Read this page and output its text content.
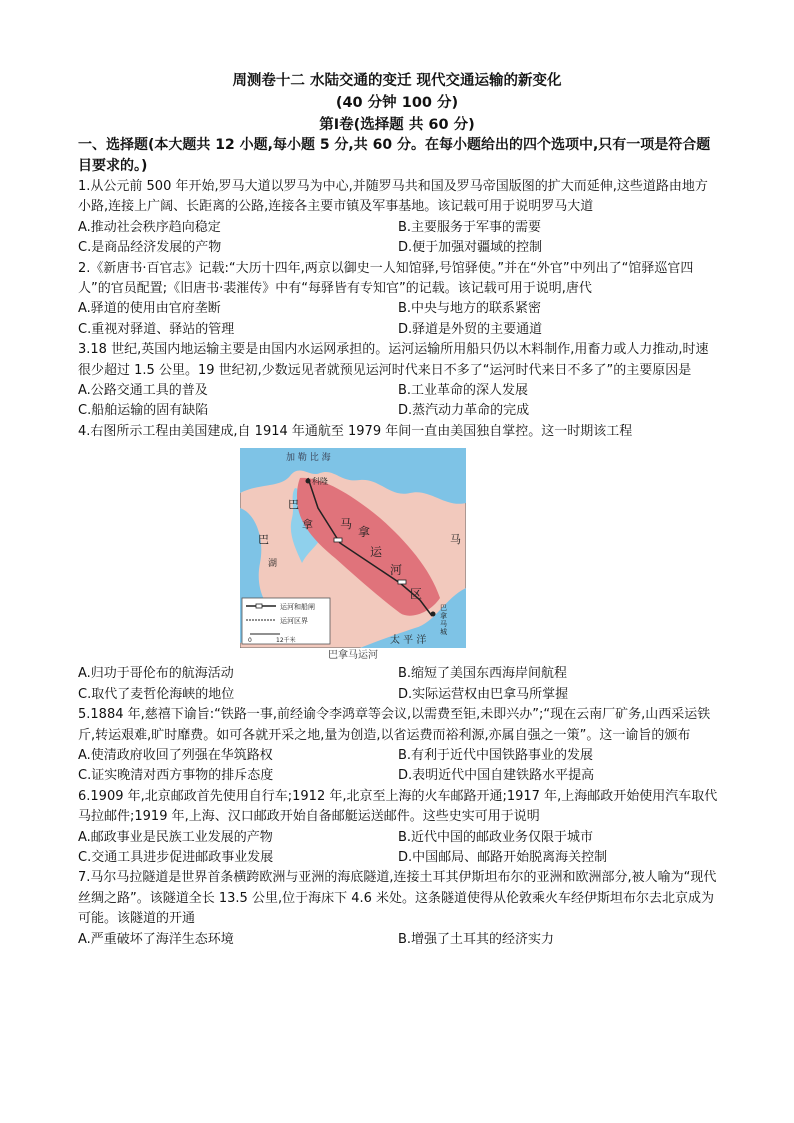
周测卷十二 水陆交通的变迁 现代交通运输的新变化
(40 分钟 100 分)
第Ⅰ卷(选择题 共 60 分)
一、选择题(本大题共 12 小题,每小题 5 分,共 60 分。在每小题给出的四个选项中,只有一项是符合题目要求的。)

1.从公元前 500 年开始,罗马大道以罗马为中心,并随罗马共和国及罗马帝国版图的扩大而延伸,这些道路由地方小路,连接上广阔、长距离的公路,连接各主要市镇及军事基地。该记载可用于说明罗马大道

A.推动社会秩序趋向稳定	B.主要服务于军事的需要
C.是商品经济发展的产物	D.便于加强对疆域的控制

2.《新唐书·百官志》记载:“大历十四年,两京以御史一人知馆驿,号馆驿使。”并在“外官”中列出了“馆驿巡官四人”的官员配置;《旧唐书·裴漼传》中有“每驿皆有专知官”的记载。该记载可用于说明,唐代

A.驿道的使用由官府垄断	B.中央与地方的联系紧密
C.重视对驿道、驿站的管理	D.驿道是外贸的主要通道

3.18 世纪,英国内地运输主要是由国内水运网承担的。运河运输所用船只仍以木料制作,用畜力或人力推动,时速很少超过 1.5 公里。19 世纪初,少数远见者就预见运河时代来日不多了“运河时代来日不多了”的主要原因是

A.公路交通工具的普及	B.工业革命的深人发展
C.船舶运输的固有缺陷	D.蒸汽动力革命的完成

4.右图所示工程由美国建成,自 1914 年通航至 1979 年间一直由美国独自掌控。这一时期该工程

加 勒 比 海
科隆
巴
拿
巴
湖
马
拿
运
河
区
马
巴
拿
马
城
太 平 洋
运河和船闸
运河区界
0	12千米
巴拿马运河
A.归功于哥伦布的航海活动	B.缩短了美国东西海岸间航程
C.取代了麦哲伦海峡的地位	D.实际运营权由巴拿马所掌握

5.1884 年,慈禧下谕旨:“铁路一事,前经谕令李鸿章等会议,以需费至钜,未即兴办”;“现在云南厂矿务,山西采运铁斤,转运艰难,旷时靡费。如可各就开采之地,量为创造,以省运费而裕利源,亦属自强之一策”。这一谕旨的颁布

A.使清政府收回了列强在华筑路权	B.有利于近代中国铁路事业的发展
C.证实晚清对西方事物的排斥态度	D.表明近代中国自建铁路水平提高

6.1909 年,北京邮政首先使用自行车;1912 年,北京至上海的火车邮路开通;1917 年,上海邮政开始使用汽车取代马拉邮件;1919 年,上海、汉口邮政开始自备邮艇运送邮件。这些史实可用于说明

A.邮政事业是民族工业发展的产物	B.近代中国的邮政业务仅限于城市
C.交通工具进步促进邮政事业发展	D.中国邮局、邮路开始脱离海关控制

7.马尔马拉隧道是世界首条横跨欧洲与亚洲的海底隧道,连接土耳其伊斯坦布尔的亚洲和欧洲部分,被人喻为“现代丝绸之路”。该隧道全长 13.5 公里,位于海床下 4.6 米处。这条隧道使得从伦敦乘火车经伊斯坦布尔去北京成为可能。该隧道的开通

A.严重破坏了海洋生态环境	B.增强了土耳其的经济实力
